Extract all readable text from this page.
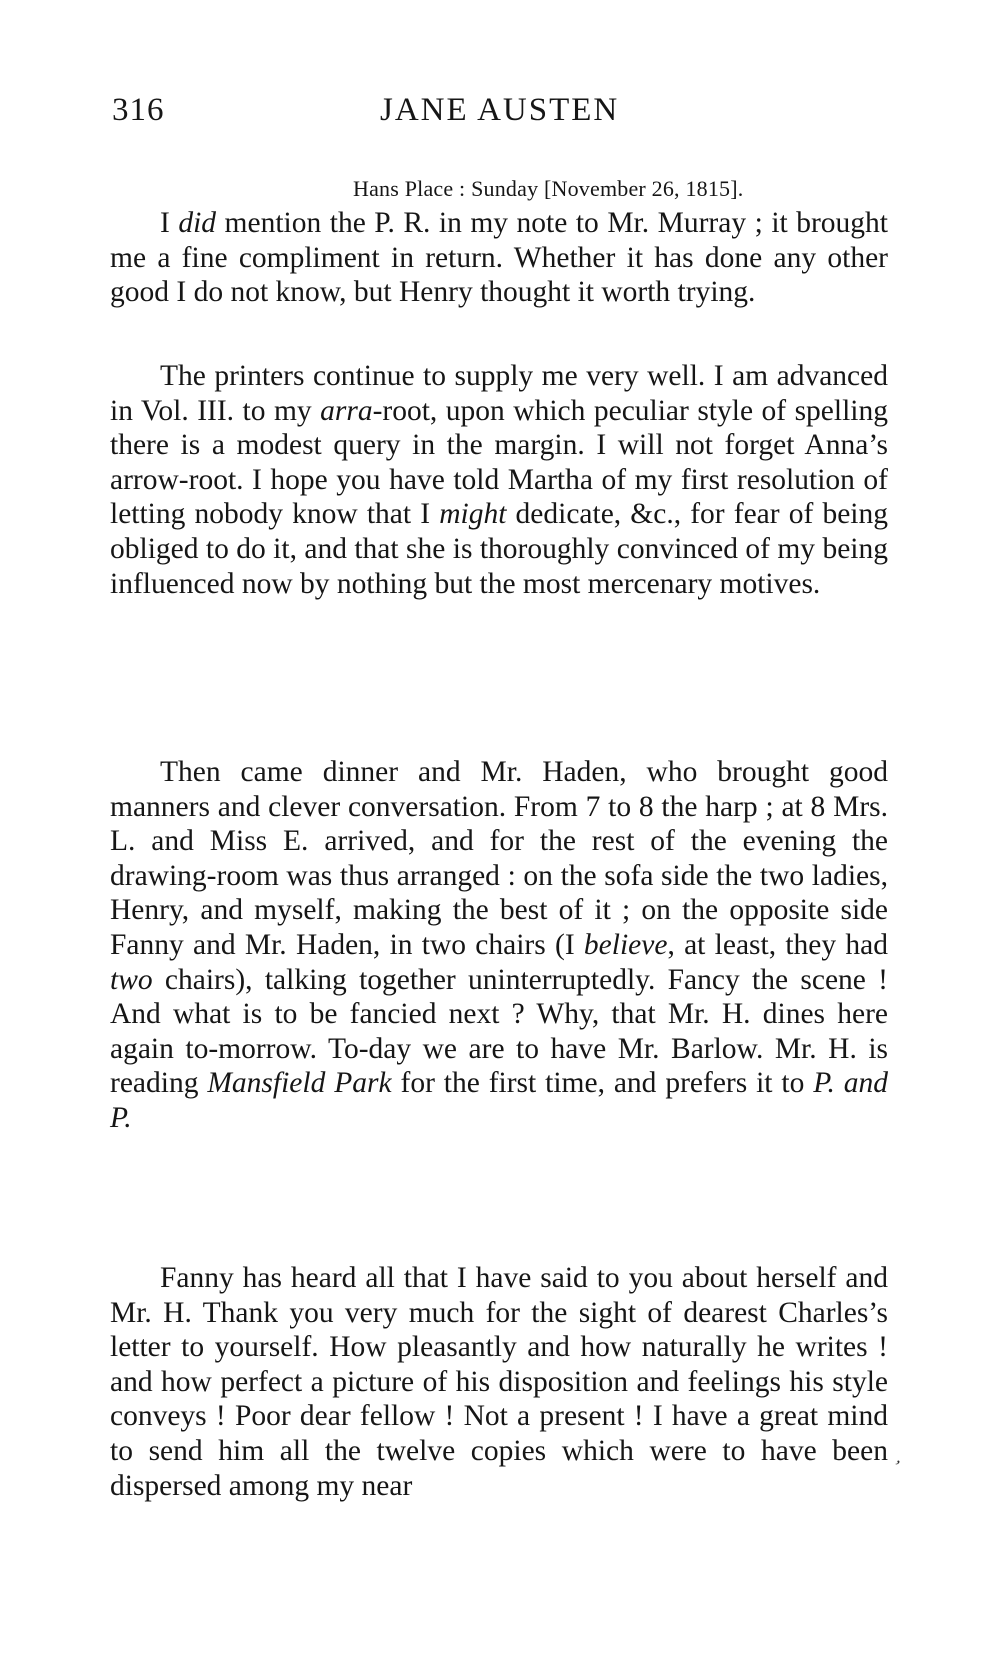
316	JANE AUSTEN
Hans Place : Sunday [November 26, 1815].

I did mention the P. R. in my note to Mr. Murray ; it brought me a fine compliment in return. Whether it has done any other good I do not know, but Henry thought it worth trying.

The printers continue to supply me very well. I am advanced in Vol. III. to my arra-root, upon which peculiar style of spelling there is a modest query in the margin. I will not forget Anna’s arrow-root. I hope you have told Martha of my first resolution of letting nobody know that I might dedicate, &c., for fear of being obliged to do it, and that she is thoroughly convinced of my being influenced now by nothing but the most mercenary motives.

Then came dinner and Mr. Haden, who brought good manners and clever conversation. From 7 to 8 the harp ; at 8 Mrs. L. and Miss E. arrived, and for the rest of the evening the drawing-room was thus arranged : on the sofa side the two ladies, Henry, and myself, making the best of it ; on the opposite side Fanny and Mr. Haden, in two chairs (I believe, at least, they had two chairs), talking together uninterruptedly. Fancy the scene ! And what is to be fancied next ? Why, that Mr. H. dines here again to-morrow. To-day we are to have Mr. Barlow. Mr. H. is reading Mansfield Park for the first time, and prefers it to P. and P.

Fanny has heard all that I have said to you about herself and Mr. H. Thank you very much for the sight of dearest Charles’s letter to yourself. How pleasantly and how naturally he writes ! and how perfect a picture of his disposition and feelings his style conveys ! Poor dear fellow ! Not a present ! I have a great mind to send him all the twelve copies which were to have been dispersed among my near

’
